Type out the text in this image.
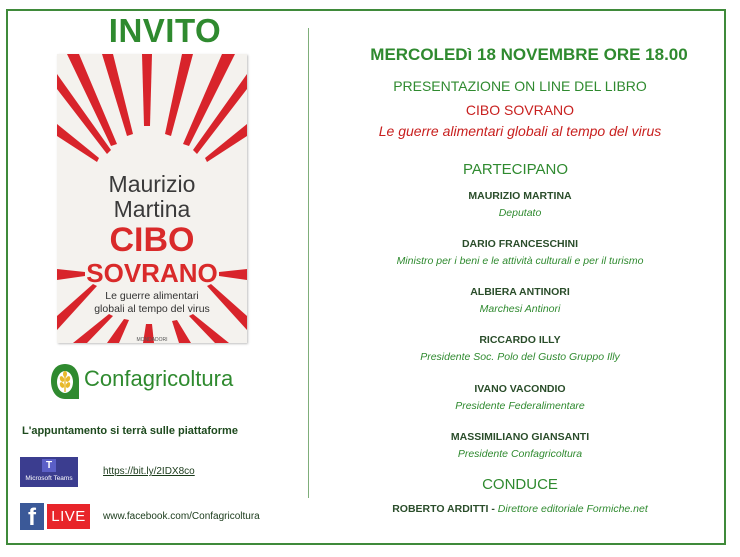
INVITO
Maurizio
Martina
CIBO
SOVRANO
Le guerre alimentari
globali al tempo del virus
MONDADORI
Confagricoltura
L'appuntamento si terrà sulle piattaforme
T
Microsoft Teams
https://bit.ly/2IDX8co
f	LIVE	www.facebook.com/Confagricoltura
MERCOLEDì 18 NOVEMBRE ORE 18.00
PRESENTAZIONE ON LINE DEL LIBRO
CIBO SOVRANO
Le guerre alimentari globali al tempo del virus
PARTECIPANO
MAURIZIO MARTINA
Deputato
DARIO FRANCESCHINI
Ministro per i beni e le attività culturali e per il turismo
ALBIERA ANTINORI
Marchesi Antinori
RICCARDO ILLY
Presidente Soc. Polo del Gusto Gruppo Illy
IVANO VACONDIO
Presidente Federalimentare
MASSIMILIANO GIANSANTI
Presidente Confagricoltura
CONDUCE
ROBERTO ARDITTI - Direttore editoriale Formiche.net
